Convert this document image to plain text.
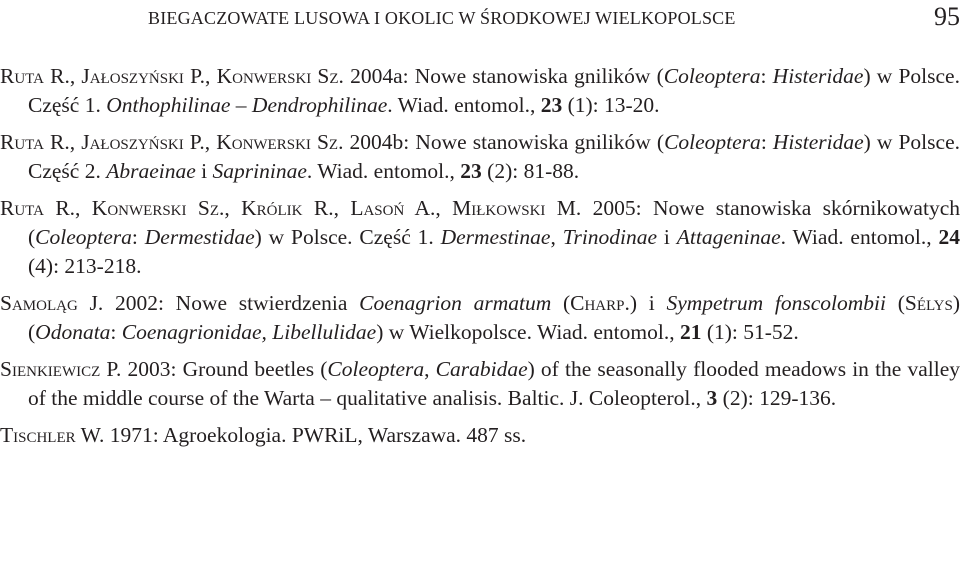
BIEGACZOWATE LUSOWA I OKOLIC W ŚRODKOWEJ WIELKOPOLSCE	95

Ruta R., Jałoszyński P., Konwerski Sz. 2004a: Nowe stanowiska gnilików (Coleoptera: Histeridae) w Polsce. Część 1. Onthophilinae – Dendrophilinae. Wiad. entomol., 23 (1): 13-20.

Ruta R., Jałoszyński P., Konwerski Sz. 2004b: Nowe stanowiska gnilików (Coleoptera: Histeridae) w Polsce. Część 2. Abraeinae i Saprininae. Wiad. entomol., 23 (2): 81-88.

Ruta R., Konwerski Sz., Królik R., Lasoń A., Miłkowski M. 2005: Nowe stanowiska skórnikowatych (Coleoptera: Dermestidae) w Polsce. Część 1. Dermestinae, Trinodinae i Attageninae. Wiad. entomol., 24 (4): 213-218.

Samoląg J. 2002: Nowe stwierdzenia Coenagrion armatum (Charp.) i Sympetrum fonscolombii (Sélys) (Odonata: Coenagrionidae, Libellulidae) w Wielkopolsce. Wiad. entomol., 21 (1): 51-52.

Sienkiewicz P. 2003: Ground beetles (Coleoptera, Carabidae) of the seasonally flooded meadows in the valley of the middle course of the Warta – qualitative analisis. Baltic. J. Coleopterol., 3 (2): 129-136.

Tischler W. 1971: Agroekologia. PWRiL, Warszawa. 487 ss.
